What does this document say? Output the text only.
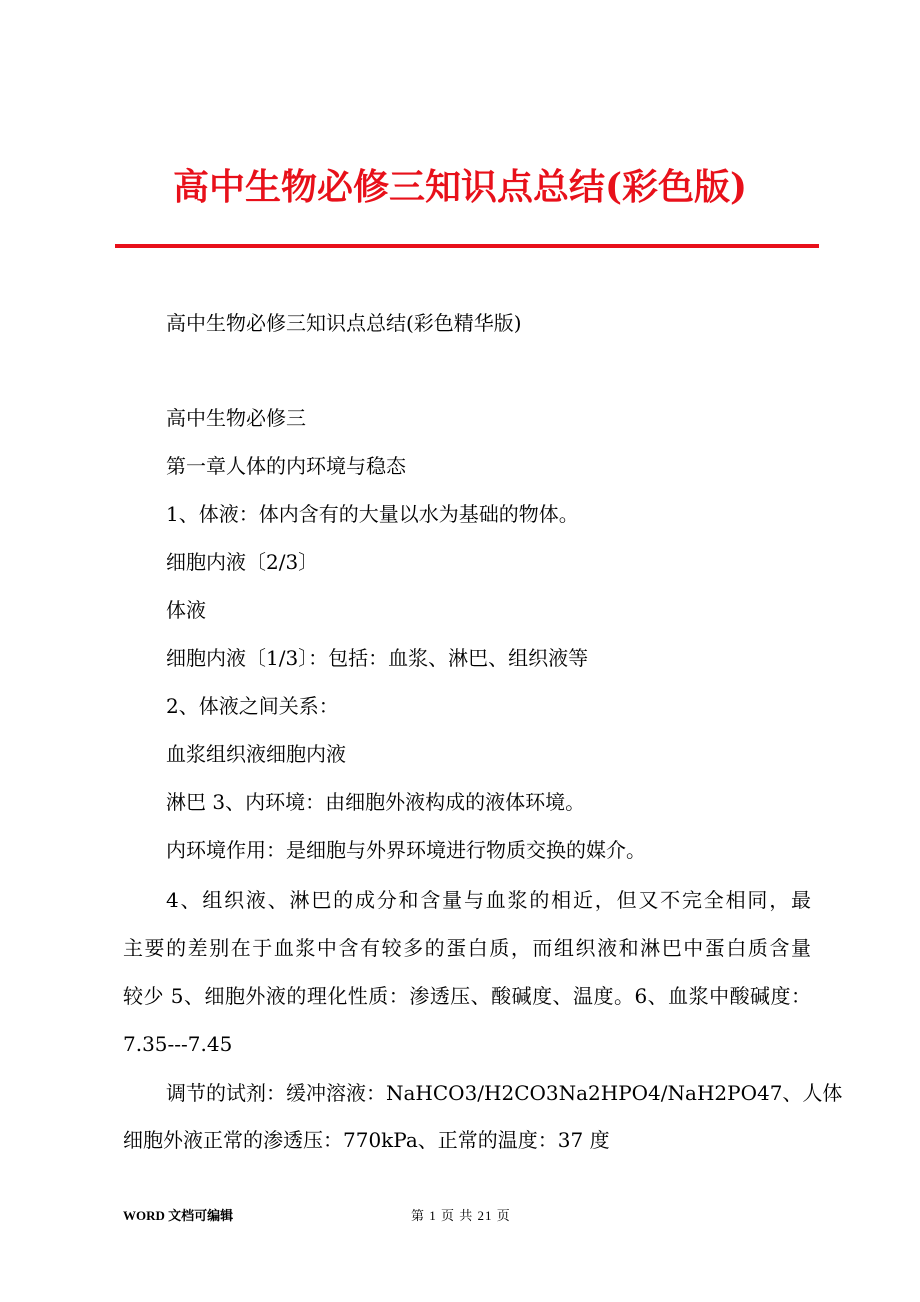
高中生物必修三知识点总结(彩色版)
高中生物必修三知识点总结(彩色精华版)
高中生物必修三
第一章人体的内环境与稳态
1、体液：体内含有的大量以水为基础的物体。
细胞内液〔2/3〕
体液
细胞内液〔1/3〕：包括：血浆、淋巴、组织液等
2、体液之间关系：
血浆组织液细胞内液
淋巴 3、内环境：由细胞外液构成的液体环境。
内环境作用：是细胞与外界环境进行物质交换的媒介。
4、组织液、淋巴的成分和含量与血浆的相近，但又不完全相同，最
主要的差别在于血浆中含有较多的蛋白质，而组织液和淋巴中蛋白质含量
较少 5、细胞外液的理化性质：渗透压、酸碱度、温度。6、血浆中酸碱度：
7.35---7.45
调节的试剂：缓冲溶液：NaHCO3/H2CO3Na2HPO4/NaH2PO47、人体
细胞外液正常的渗透压：770kPa、正常的温度：37 度
WORD 文档可编辑	第 1 页 共 21 页
